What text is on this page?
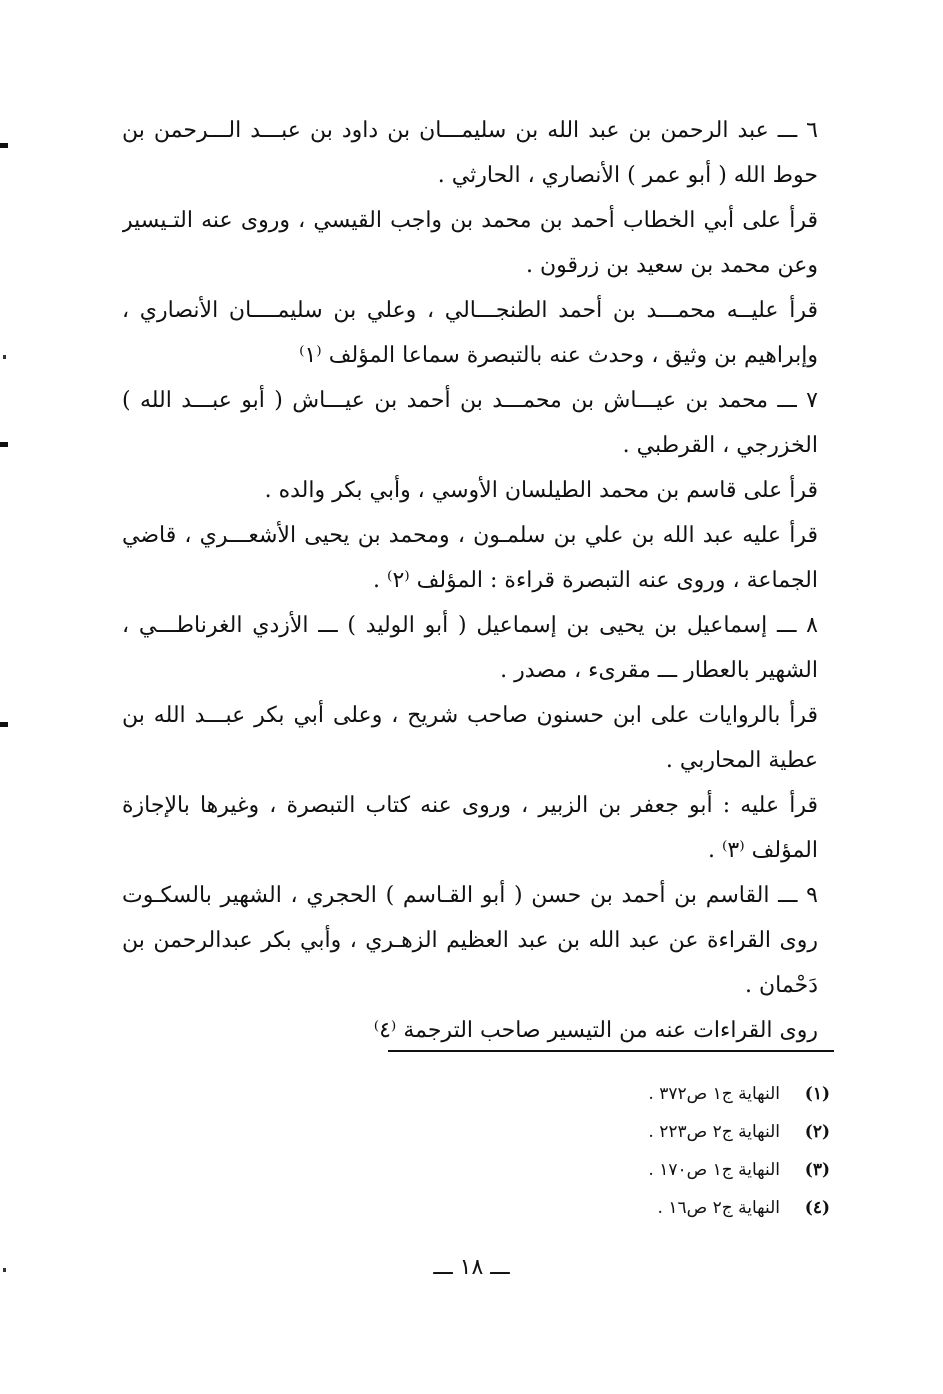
٦ ـــ عبد الرحمن بن عبد الله بن سليمـــان بن داود بن عبـــد الـــرحمن بن
حوط الله ( أبو عمر ) الأنصاري ، الحارثي .
قرأ على أبي الخطاب أحمد بن محمد بن واجب القيسي ، وروى عنه التـيسير
وعن محمد بن سعيد بن زرقون .
قرأ عليــه محمـــد بن أحمد الطنجـــالي ، وعلي بن سليمــــان الأنصاري ،
وإبراهيم بن وثيق ، وحدث عنه بالتبصرة سماعا المؤلف ⁽١⁾
٧ ـــ محمد بن عيـــاش بن محمـــد بن أحمد بن عيـــاش ( أبو عبـــد الله )
الخزرجي ، القرطبي .
قرأ على قاسم بن محمد الطيلسان الأوسي ، وأبي بكر والده .
قرأ عليه عبد الله بن علي بن سلمـون ، ومحمد بن يحيى الأشعـــري ، قاضي
الجماعة ، وروى عنه التبصرة قراءة : المؤلف ⁽٢⁾ .
٨ ـــ إسماعيل بن يحيى بن إسماعيل ( أبو الوليد ) ـــ الأزدي الغرناطـــي ،
الشهير بالعطار ـــ مقرىء ، مصدر .
قرأ بالروايات على ابن حسنون صاحب شريح ، وعلى أبي بكر عبـــد الله بن
عطية المحاربي .
قرأ عليه : أبو جعفر بن الزبير ، وروى عنه كتاب التبصرة ، وغيرها بالإجازة
المؤلف ⁽٣⁾ .
٩ ـــ القاسم بن أحمد بن حسن ( أبو القـاسم ) الحجري ، الشهير بالسكـوت
روى القراءة عن عبد الله بن عبد العظيم الزهـري ، وأبي بكر عبدالرحمن بن
دَحْمان .
روى القراءات عنه من التيسير صاحب الترجمة ⁽٤⁾
(١)النهاية ج١ ص٣٧٢ .
(٢)النهاية ج٢ ص٢٢٣ .
(٣)النهاية ج١ ص١٧٠ .
(٤)النهاية ج٢ ص١٦ .
ـــ ١٨ ـــ
